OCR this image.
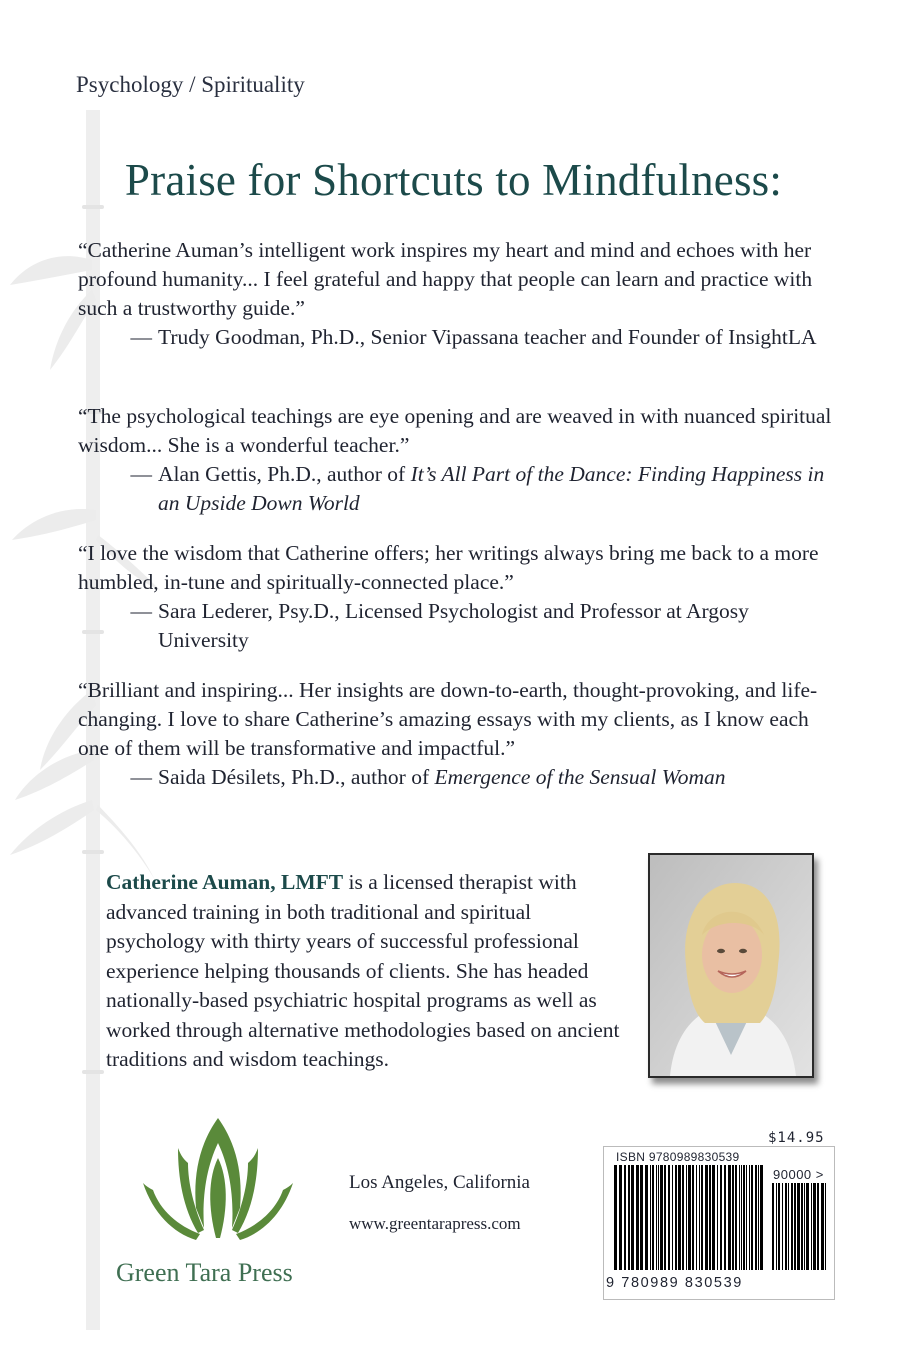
Psychology / Spirituality
Praise for Shortcuts to Mindfulness:

“Catherine Auman’s intelligent work inspires my heart and mind and echoes with her profound humanity... I feel grateful and happy that people can learn and practice with such a trustworthy guide.”

— Trudy Goodman, Ph.D., Senior Vipassana teacher and Founder of InsightLA

“The psychological teachings are eye opening and are weaved in with nuanced spiritual wisdom... She is a wonderful teacher.”

— Alan Gettis, Ph.D., author of It’s All Part of the Dance: Finding Happiness in an Upside Down World

“I love the wisdom that Catherine offers; her writings always bring me back to a more humbled, in-tune and spiritually-connected place.”

— Sara Lederer, Psy.D., Licensed Psychologist and Professor at Argosy University

“Brilliant and inspiring... Her insights are down-to-earth, thought-provoking, and life-changing. I love to share Catherine’s amazing essays with my clients, as I know each one of them will be transformative and impactful.”

— Saida Désilets, Ph.D., author of Emergence of the Sensual Woman

Catherine Auman, LMFT is a licensed therapist with advanced training in both traditional and spiritual psychology with thirty years of successful professional experience helping thousands of clients. She has headed nationally-based psychiatric hospital programs as well as worked through alternative methodologies based on ancient traditions and wisdom teachings.
Green Tara Press
Los Angeles, California
www.greentarapress.com
$14.95
ISBN 9780989830539
90000 >
9 780989 830539
